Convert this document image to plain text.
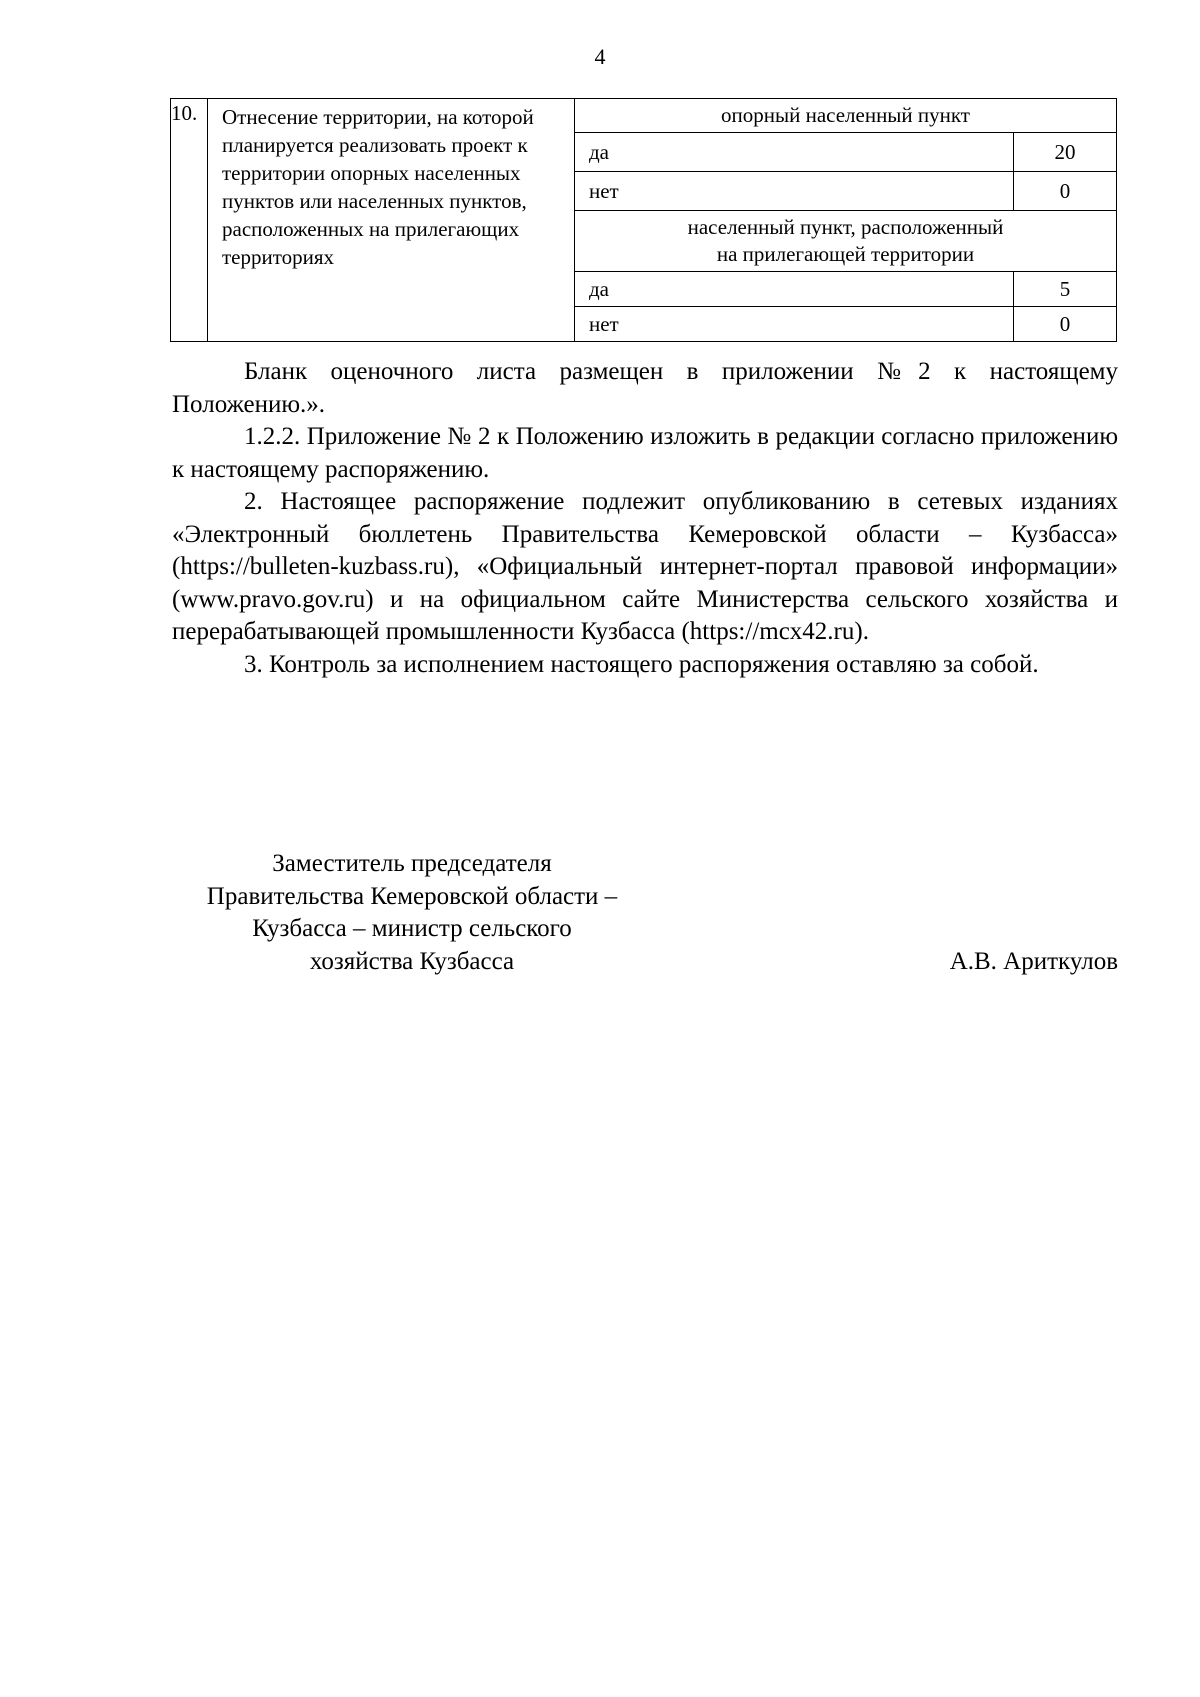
4
10.	Отнесение территории, на которой планируется реализовать проект к территории опорных населенных пунктов или населенных пунктов, расположенных на прилегающих территориях	опорный населенный пункт	

		да	20
		нет	0

		населенный пункт, расположенный
на прилегающей территории	

		да	5
		нет	0

Бланк оценочного листа размещен в приложении №2 к настоящему Положению.».

1.2.2. Приложение № 2 к Положению изложить в редакции согласно приложению к настоящему распоряжению.

2. Настоящее распоряжение подлежит опубликованию в сетевых изданиях «Электронный бюллетень Правительства Кемеровской области – Кузбасса» (https://bulleten-kuzbass.ru), «Официальный интернет-портал правовой информации» (www.pravo.gov.ru) и на официальном сайте Министерства сельского хозяйства и перерабатывающей промышленности Кузбасса (https://mcx42.ru).

3. Контроль за исполнением настоящего распоряжения оставляю за собой.

Заместитель председателя
Правительства Кемеровской области –
Кузбасса – министр сельского
хозяйства Кузбасса	А.В. Ариткулов
